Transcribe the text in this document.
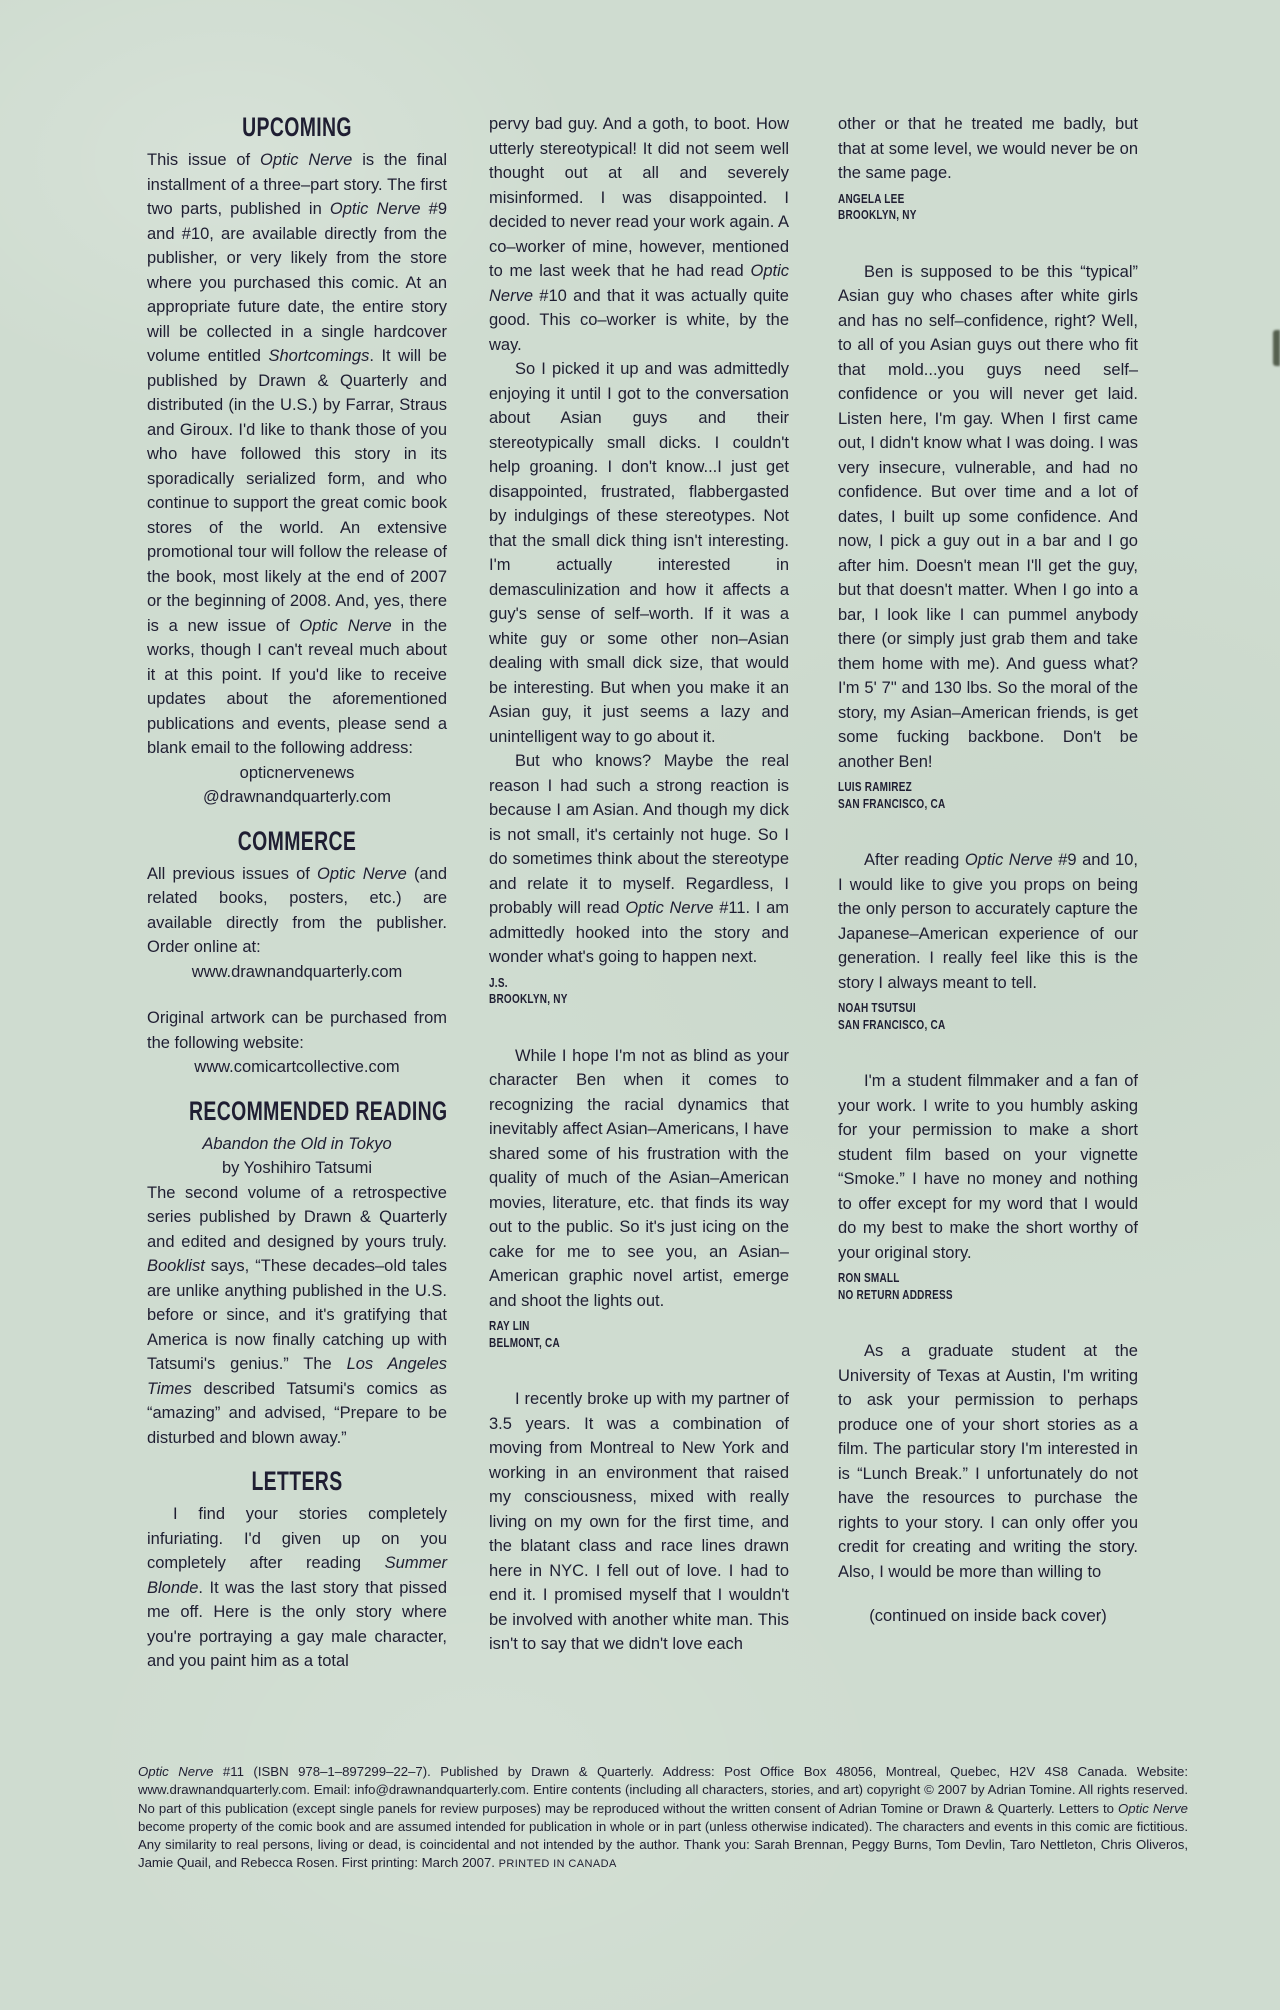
UPCOMING

This issue of Optic Nerve is the final installment of a three–part story. The first two parts, published in Optic Nerve #9 and #10, are available directly from the publisher, or very likely from the store where you purchased this comic. At an appropriate future date, the entire story will be collected in a single hardcover volume entitled Shortcomings. It will be published by Drawn & Quarterly and distributed (in the U.S.) by Farrar, Straus and Giroux. I'd like to thank those of you who have followed this story in its sporadically serialized form, and who continue to support the great comic book stores of the world. An extensive promotional tour will follow the release of the book, most likely at the end of 2007 or the beginning of 2008. And, yes, there is a new issue of Optic Nerve in the works, though I can't reveal much about it at this point. If you'd like to receive updates about the aforementioned publications and events, please send a blank email to the following address:

opticnervenews

@drawnandquarterly.com

COMMERCE

All previous issues of Optic Nerve (and related books, posters, etc.) are available directly from the publisher. Order online at:

www.drawnandquarterly.com

Original artwork can be purchased from the following website:

www.comicartcollective.com

RECOMMENDED READING

Abandon the Old in Tokyo

by Yoshihiro Tatsumi

The second volume of a retrospective series published by Drawn & Quarterly and edited and designed by yours truly. Booklist says, “These decades–old tales are unlike anything published in the U.S. before or since, and it's gratifying that America is now finally catching up with Tatsumi's genius.” The Los Angeles Times described Tatsumi's comics as “amazing” and advised, “Prepare to be disturbed and blown away.”

LETTERS

I find your stories completely infuriating. I'd given up on you completely after reading Summer Blonde. It was the last story that pissed me off. Here is the only story where you're portraying a gay male character, and you paint him as a total

pervy bad guy. And a goth, to boot. How utterly stereotypical! It did not seem well thought out at all and severely misinformed. I was disappointed. I decided to never read your work again. A co–worker of mine, however, mentioned to me last week that he had read Optic Nerve #10 and that it was actually quite good. This co–worker is white, by the way.

So I picked it up and was admittedly enjoying it until I got to the conversation about Asian guys and their stereotypically small dicks. I couldn't help groaning. I don't know...I just get disappointed, frustrated, flabbergasted by indulgings of these stereotypes. Not that the small dick thing isn't interesting. I'm actually interested in demasculinization and how it affects a guy's sense of self–worth. If it was a white guy or some other non–Asian dealing with small dick size, that would be interesting. But when you make it an Asian guy, it just seems a lazy and unintelligent way to go about it.

But who knows? Maybe the real reason I had such a strong reaction is because I am Asian. And though my dick is not small, it's certainly not huge. So I do sometimes think about the stereotype and relate it to myself. Regardless, I probably will read Optic Nerve #11. I am admittedly hooked into the story and wonder what's going to happen next.

J.S.
BROOKLYN, NY

While I hope I'm not as blind as your character Ben when it comes to recognizing the racial dynamics that inevitably affect Asian–Americans, I have shared some of his frustration with the quality of much of the Asian–American movies, literature, etc. that finds its way out to the public. So it's just icing on the cake for me to see you, an Asian–American graphic novel artist, emerge and shoot the lights out.

RAY LIN
BELMONT, CA

I recently broke up with my partner of 3.5 years. It was a combination of moving from Montreal to New York and working in an environment that raised my consciousness, mixed with really living on my own for the first time, and the blatant class and race lines drawn here in NYC. I fell out of love. I had to end it. I promised myself that I wouldn't be involved with another white man. This isn't to say that we didn't love each

other or that he treated me badly, but that at some level, we would never be on the same page.

ANGELA LEE
BROOKLYN, NY

Ben is supposed to be this “typical” Asian guy who chases after white girls and has no self–confidence, right? Well, to all of you Asian guys out there who fit that mold...you guys need self–confidence or you will never get laid. Listen here, I'm gay. When I first came out, I didn't know what I was doing. I was very insecure, vulnerable, and had no confidence. But over time and a lot of dates, I built up some confidence. And now, I pick a guy out in a bar and I go after him. Doesn't mean I'll get the guy, but that doesn't matter. When I go into a bar, I look like I can pummel anybody there (or simply just grab them and take them home with me). And guess what? I'm 5' 7" and 130 lbs. So the moral of the story, my Asian–American friends, is get some fucking backbone. Don't be another Ben!

LUIS RAMIREZ
SAN FRANCISCO, CA

After reading Optic Nerve #9 and 10, I would like to give you props on being the only person to accurately capture the Japanese–American experience of our generation. I really feel like this is the story I always meant to tell.

NOAH TSUTSUI
SAN FRANCISCO, CA

I'm a student filmmaker and a fan of your work. I write to you humbly asking for your permission to make a short student film based on your vignette “Smoke.” I have no money and nothing to offer except for my word that I would do my best to make the short worthy of your original story.

RON SMALL
NO RETURN ADDRESS

As a graduate student at the University of Texas at Austin, I'm writing to ask your permission to perhaps produce one of your short stories as a film. The particular story I'm interested in is “Lunch Break.” I unfortunately do not have the resources to purchase the rights to your story. I can only offer you credit for creating and writing the story. Also, I would be more than willing to

(continued on inside back cover)

Optic Nerve #11 (ISBN 978–1–897299–22–7). Published by Drawn & Quarterly. Address: Post Office Box 48056, Montreal, Quebec, H2V 4S8 Canada. Website: www.drawnandquarterly.com. Email: info@drawnandquarterly.com. Entire contents (including all characters, stories, and art) copyright © 2007 by Adrian Tomine. All rights reserved. No part of this publication (except single panels for review purposes) may be reproduced without the written consent of Adrian Tomine or Drawn & Quarterly. Letters to Optic Nerve become property of the comic book and are assumed intended for publication in whole or in part (unless otherwise indicated). The characters and events in this comic are fictitious. Any similarity to real persons, living or dead, is coincidental and not intended by the author. Thank you: Sarah Brennan, Peggy Burns, Tom Devlin, Taro Nettleton, Chris Oliveros, Jamie Quail, and Rebecca Rosen. First printing: March 2007. PRINTED IN CANADA
